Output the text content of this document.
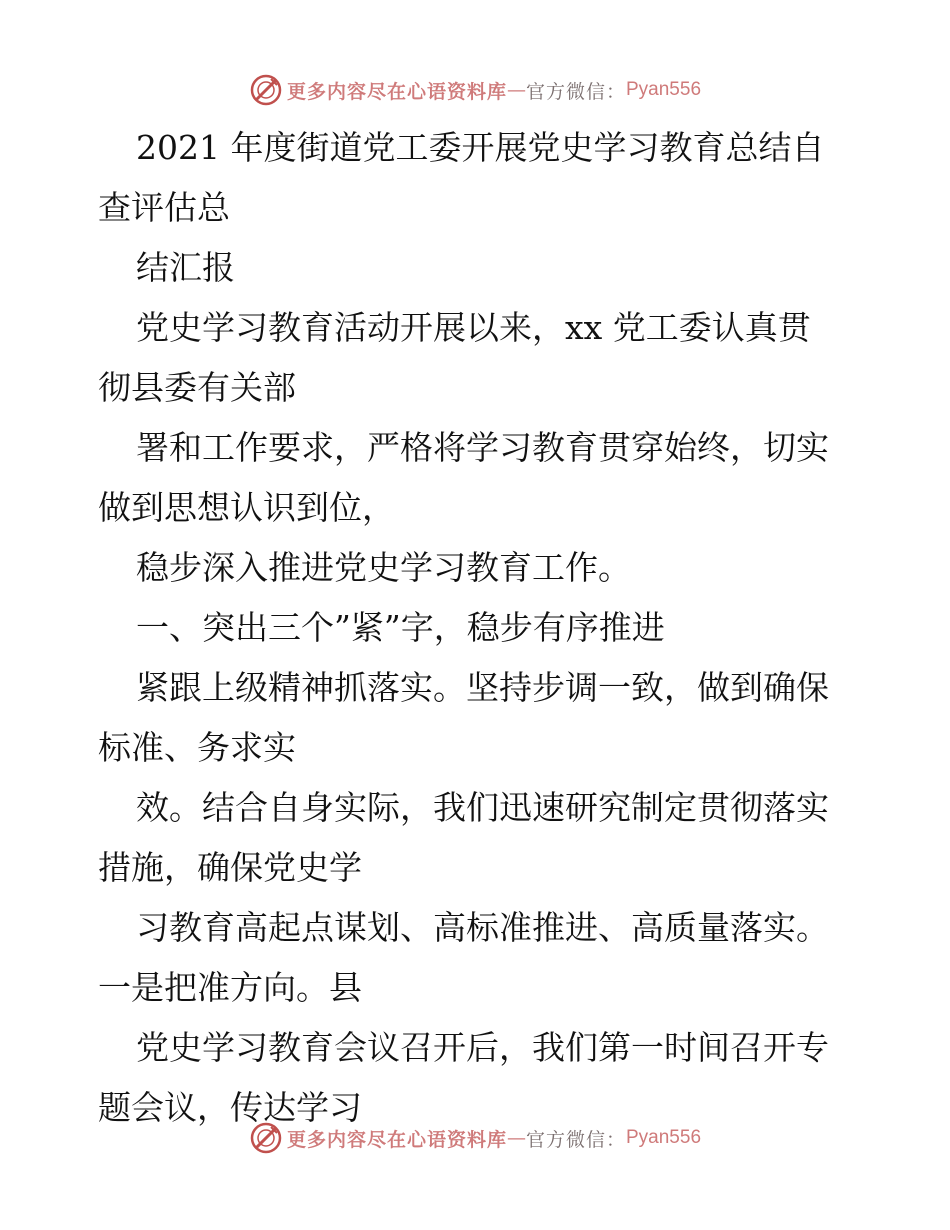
更多内容尽在心语资料库 — 官方微信： Pyan556
2021 年度街道党工委开展党史学习教育总结自
查评估总
结汇报
党史学习教育活动开展以来，xx 党工委认真贯
彻县委有关部
署和工作要求，严格将学习教育贯穿始终，切实
做到思想认识到位，
稳步深入推进党史学习教育工作。
一、突出三个”紧”字，稳步有序推进
紧跟上级精神抓落实。坚持步调一致，做到确保
标准、务求实
效。结合自身实际，我们迅速研究制定贯彻落实
措施，确保党史学
习教育高起点谋划、高标准推进、高质量落实。
一是把准方向。县
党史学习教育会议召开后，我们第一时间召开专
题会议，传达学习
更多内容尽在心语资料库 — 官方微信： Pyan556
